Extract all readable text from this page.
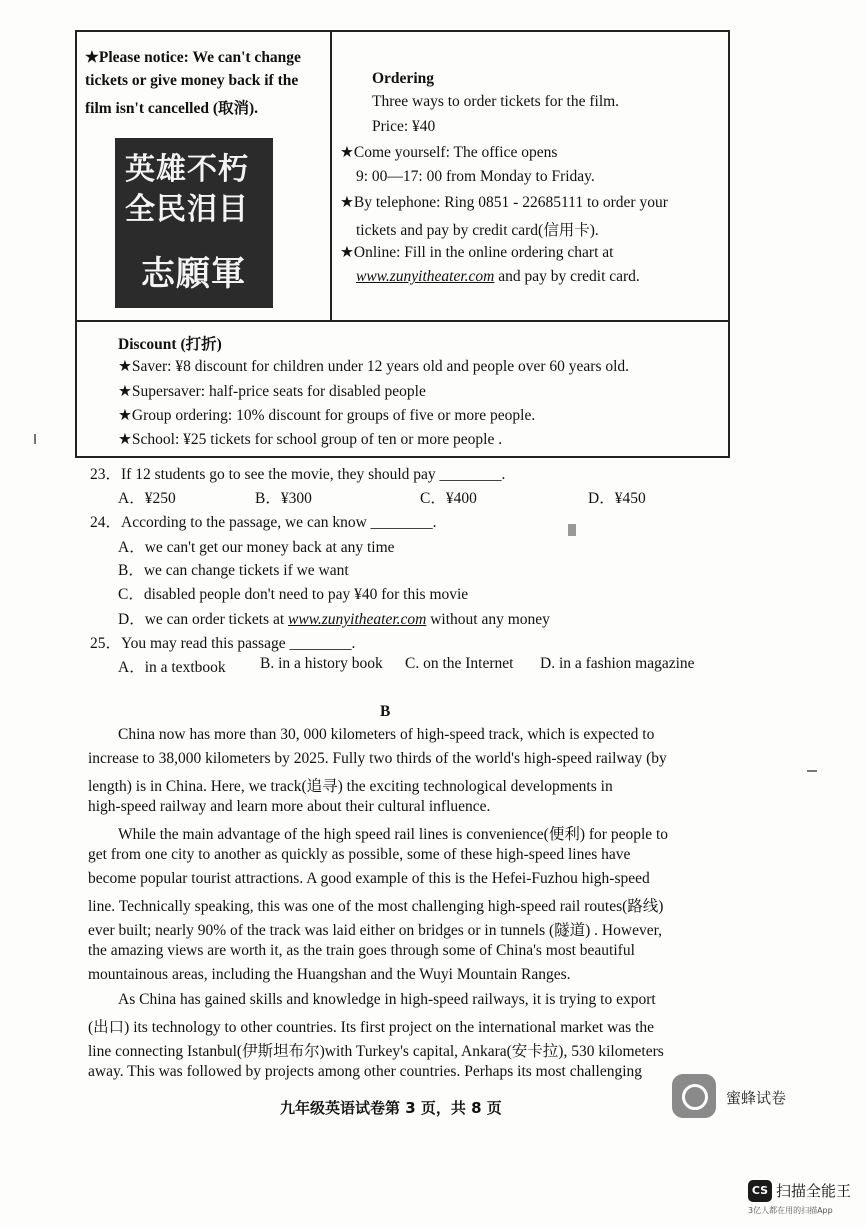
★Please notice: We can't change
tickets or give money back if the
film isn't cancelled (取消).
英雄不朽
全民泪目
志願軍
Ordering
Three ways to order tickets for the film.
Price: ¥40
★Come yourself: The office opens
9: 00—17: 00 from Monday to Friday.
★By telephone: Ring 0851 - 22685111 to order your
tickets and pay by credit card(信用卡).
★Online: Fill in the online ordering chart at
www.zunyitheater.com and pay by credit card.
Discount (打折)
★Saver: ¥8 discount for children under 12 years old and people over 60 years old.
★Supersaver: half-price seats for disabled people
★Group ordering: 10% discount for groups of five or more people.
★School: ¥25 tickets for school group of ten or more people .
23．If 12 students go to see the movie, they should pay ________.
A．¥250	B．¥300	C．¥400	D．¥450
24．According to the passage, we can know ________.
A．we can't get our money back at any time
B．we can change tickets if we want
C．disabled people don't need to pay ¥40 for this movie
D．we can order tickets at www.zunyitheater.com without any money
25．You may read this passage ________.
A．in a textbook B. in a history book C. on the Internet D. in a fashion magazine
B
China now has more than 30, 000 kilometers of high-speed track, which is expected to
increase to 38,000 kilometers by 2025. Fully two thirds of the world's high-speed railway (by
length) is in China. Here, we track(追寻) the exciting technological developments in
high-speed railway and learn more about their cultural influence.
While the main advantage of the high speed rail lines is convenience(便利) for people to
get from one city to another as quickly as possible, some of these high-speed lines have
become popular tourist attractions. A good example of this is the Hefei-Fuzhou high-speed
line. Technically speaking, this was one of the most challenging high-speed rail routes(路线)
ever built; nearly 90% of the track was laid either on bridges or in tunnels (隧道) . However,
the amazing views are worth it, as the train goes through some of China's most beautiful
mountainous areas, including the Huangshan and the Wuyi Mountain Ranges.
As China has gained skills and knowledge in high-speed railways, it is trying to export
(出口) its technology to other countries. Its first project on the international market was the
line connecting Istanbul(伊斯坦布尔)with Turkey's capital, Ankara(安卡拉), 530 kilometers
away. This was followed by projects among other countries. Perhaps its most challenging
九年级英语试卷第 3 页，共 8 页
蜜蜂试卷
CS 扫描全能王
3亿人都在用的扫描App
